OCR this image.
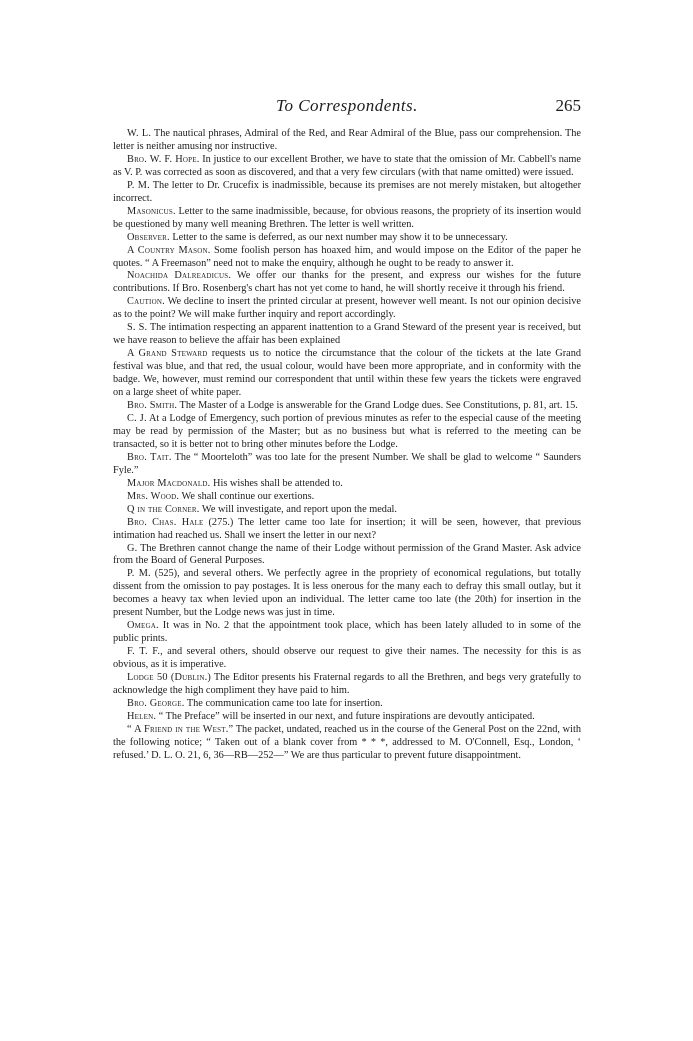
To Correspondents.	265

W. L. The nautical phrases, Admiral of the Red, and Rear Admiral of the Blue, pass our comprehension. The letter is neither amusing nor instructive.

Bro. W. F. Hope. In justice to our excellent Brother, we have to state that the omission of Mr. Cabbell's name as V. P. was corrected as soon as discovered, and that a very few circulars (with that name omitted) were issued.

P. M. The letter to Dr. Crucefix is inadmissible, because its premises are not merely mistaken, but altogether incorrect.

Masonicus. Letter to the same inadmissible, because, for obvious reasons, the propriety of its insertion would be questioned by many well meaning Brethren. The letter is well written.

Observer. Letter to the same is deferred, as our next number may show it to be unnecessary.

A Country Mason. Some foolish person has hoaxed him, and would impose on the Editor of the paper he quotes. “ A Freemason” need not to make the enquiry, although he ought to be ready to answer it.

Noachida Dalreadicus. We offer our thanks for the present, and express our wishes for the future contributions. If Bro. Rosenberg's chart has not yet come to hand, he will shortly receive it through his friend.

Caution. We decline to insert the printed circular at present, however well meant. Is not our opinion decisive as to the point? We will make further inquiry and report accordingly.

S. S. The intimation respecting an apparent inattention to a Grand Steward of the present year is received, but we have reason to believe the affair has been explained

A Grand Steward requests us to notice the circumstance that the colour of the tickets at the late Grand festival was blue, and that red, the usual colour, would have been more appropriate, and in conformity with the badge. We, however, must remind our correspondent that until within these few years the tickets were engraved on a large sheet of white paper.

Bro. Smith. The Master of a Lodge is answerable for the Grand Lodge dues. See Constitutions, p. 81, art. 15.

C. J. At a Lodge of Emergency, such portion of previous minutes as refer to the especial cause of the meeting may be read by permission of the Master; but as no business but what is referred to the meeting can be transacted, so it is better not to bring other minutes before the Lodge.

Bro. Tait. The “ Moorteloth” was too late for the present Number. We shall be glad to welcome “ Saunders Fyle.”

Major Macdonald. His wishes shall be attended to.

Mrs. Wood. We shall continue our exertions.

Q in the Corner. We will investigate, and report upon the medal.

Bro. Chas. Hale (275.) The letter came too late for insertion; it will be seen, however, that previous intimation had reached us. Shall we insert the letter in our next?

G. The Brethren cannot change the name of their Lodge without permission of the Grand Master. Ask advice from the Board of General Purposes.

P. M. (525), and several others. We perfectly agree in the propriety of economical regulations, but totally dissent from the omission to pay postages. It is less onerous for the many each to defray this small outlay, but it becomes a heavy tax when levied upon an individual. The letter came too late (the 20th) for insertion in the present Number, but the Lodge news was just in time.

Omega. It was in No. 2 that the appointment took place, which has been lately alluded to in some of the public prints.

F. T. F., and several others, should observe our request to give their names. The necessity for this is as obvious, as it is imperative.

Lodge 50 (Dublin.) The Editor presents his Fraternal regards to all the Brethren, and begs very gratefully to acknowledge the high compliment they have paid to him.

Bro. George. The communication came too late for insertion.

Helen. “ The Preface” will be inserted in our next, and future inspirations are devoutly anticipated.

“ A Friend in the West.” The packet, undated, reached us in the course of the General Post on the 22nd, with the following notice; “ Taken out of a blank cover from * * *, addressed to M. O'Connell, Esq., London, ‘ refused.’ D. L. O. 21, 6, 36—RB—252—” We are thus particular to prevent future disappointment.
